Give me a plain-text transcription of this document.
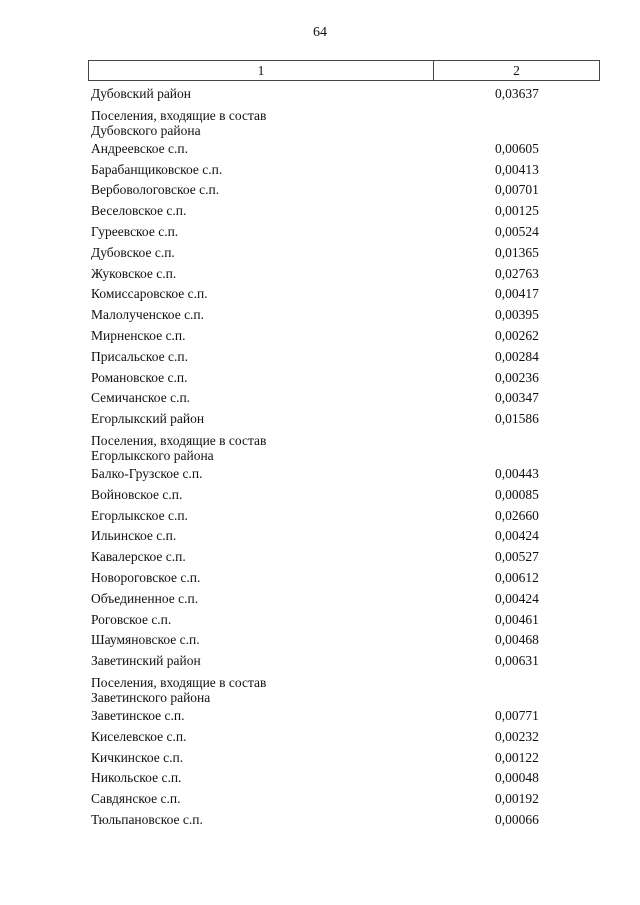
64
1	2
Дубовский район	0,03637
Поселения, входящие в состав Дубовского района
Андреевское с.п.	0,00605
Барабанщиковское с.п.	0,00413
Вербовологовское с.п.	0,00701
Веселовское с.п.	0,00125
Гуреевское с.п.	0,00524
Дубовское с.п.	0,01365
Жуковское с.п.	0,02763
Комиссаровское с.п.	0,00417
Малолученское с.п.	0,00395
Мирненское с.п.	0,00262
Присальское с.п.	0,00284
Романовское с.п.	0,00236
Семичанское с.п.	0,00347
Егорлыкский район	0,01586
Поселения, входящие в состав Егорлыкского района
Балко-Грузское с.п.	0,00443
Войновское с.п.	0,00085
Егорлыкское с.п.	0,02660
Ильинское с.п.	0,00424
Кавалерское с.п.	0,00527
Новороговское с.п.	0,00612
Объединенное с.п.	0,00424
Роговское с.п.	0,00461
Шаумяновское с.п.	0,00468
Заветинский район	0,00631
Поселения, входящие в состав Заветинского района
Заветинское с.п.	0,00771
Киселевское с.п.	0,00232
Кичкинское с.п.	0,00122
Никольское с.п.	0,00048
Савдянское с.п.	0,00192
Тюльпановское с.п.	0,00066
